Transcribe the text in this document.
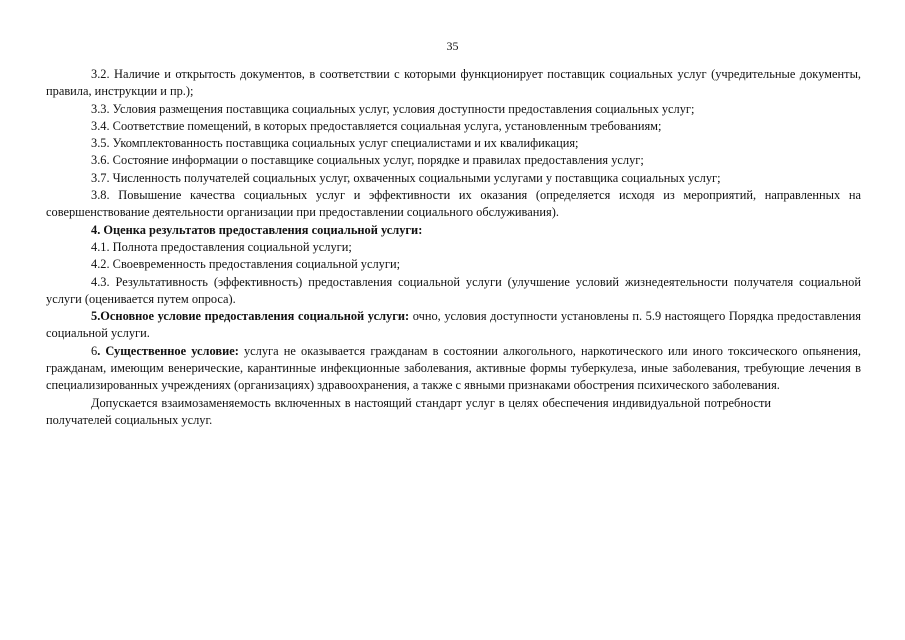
35

3.2. Наличие и открытость документов, в соответствии с которыми функционирует поставщик социальных услуг (учредительные документы, правила, инструкции и пр.);

3.3. Условия размещения поставщика социальных услуг, условия доступности предоставления социальных услуг;

3.4. Соответствие помещений, в которых предоставляется социальная услуга, установленным требованиям;

3.5. Укомплектованность поставщика социальных услуг специалистами и их квалификация;

3.6. Состояние информации о поставщике социальных услуг, порядке и правилах предоставления услуг;

3.7. Численность получателей социальных услуг, охваченных социальными услугами у поставщика социальных услуг;

3.8. Повышение качества социальных услуг и эффективности их оказания (определяется исходя из мероприятий, направленных на совершенствование деятельности организации при предоставлении социального обслуживания).

4. Оценка результатов предоставления социальной услуги:

4.1. Полнота предоставления социальной услуги;

4.2. Своевременность предоставления социальной услуги;

4.3. Результативность (эффективность) предоставления социальной услуги (улучшение условий жизнедеятельности получателя социальной услуги (оценивается путем опроса).

5.Основное условие предоставления социальной услуги: очно, условия доступности установлены п. 5.9 настоящего Порядка предоставления социальной услуги.

6. Существенное условие: услуга не оказывается гражданам в состоянии алкогольного, наркотического или иного токсического опьянения, гражданам, имеющим венерические, карантинные инфекционные заболевания, активные формы туберкулеза, иные заболевания, требующие лечения в специализированных учреждениях (организациях) здравоохранения, а также с явными признаками обострения психического заболевания.

Допускается взаимозаменяемость включенных в настоящий стандарт услуг в целях обеспечения индивидуальной потребности получателей социальных услуг.
